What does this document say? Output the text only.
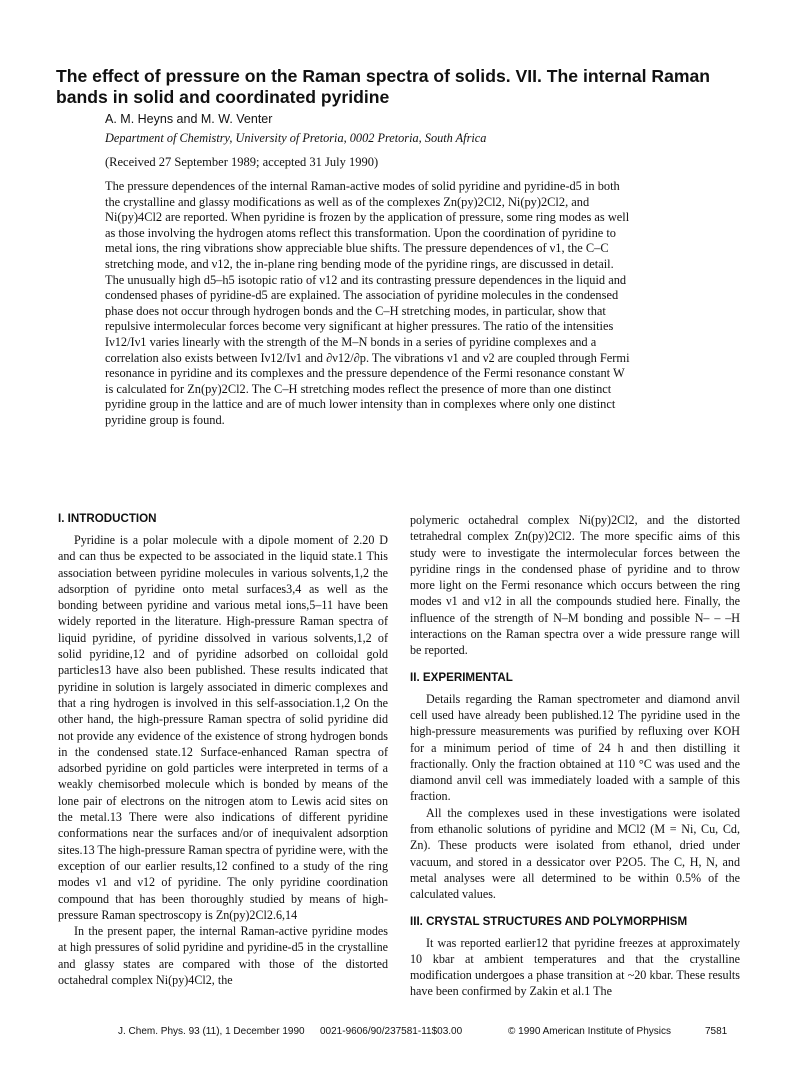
The effect of pressure on the Raman spectra of solids. VII. The internal Raman bands in solid and coordinated pyridine
A. M. Heyns and M. W. Venter
Department of Chemistry, University of Pretoria, 0002 Pretoria, South Africa
(Received 27 September 1989; accepted 31 July 1990)
The pressure dependences of the internal Raman-active modes of solid pyridine and pyridine-d5 in both the crystalline and glassy modifications as well as of the complexes Zn(py)2Cl2, Ni(py)2Cl2, and Ni(py)4Cl2 are reported. When pyridine is frozen by the application of pressure, some ring modes as well as those involving the hydrogen atoms reflect this transformation. Upon the coordination of pyridine to metal ions, the ring vibrations show appreciable blue shifts. The pressure dependences of ν1, the C–C stretching mode, and ν12, the in-plane ring bending mode of the pyridine rings, are discussed in detail. The unusually high d5–h5 isotopic ratio of ν12 and its contrasting pressure dependences in the liquid and condensed phases of pyridine-d5 are explained. The association of pyridine molecules in the condensed phase does not occur through hydrogen bonds and the C–H stretching modes, in particular, show that repulsive intermolecular forces become very significant at higher pressures. The ratio of the intensities Iν12/Iν1 varies linearly with the strength of the M–N bonds in a series of pyridine complexes and a correlation also exists between Iν12/Iν1 and ∂ν12/∂p. The vibrations ν1 and ν2 are coupled through Fermi resonance in pyridine and its complexes and the pressure dependence of the Fermi resonance constant W is calculated for Zn(py)2Cl2. The C–H stretching modes reflect the presence of more than one distinct pyridine group in the lattice and are of much lower intensity than in complexes where only one distinct pyridine group is found.
I. INTRODUCTION

Pyridine is a polar molecule with a dipole moment of 2.20 D and can thus be expected to be associated in the liquid state.1 This association between pyridine molecules in various solvents,1,2 the adsorption of pyridine onto metal surfaces3,4 as well as the bonding between pyridine and various metal ions,5–11 have been widely reported in the literature. High-pressure Raman spectra of liquid pyridine, of pyridine dissolved in various solvents,1,2 of solid pyridine,12 and of pyridine adsorbed on colloidal gold particles13 have also been published. These results indicated that pyridine in solution is largely associated in dimeric complexes and that a ring hydrogen is involved in this self-association.1,2 On the other hand, the high-pressure Raman spectra of solid pyridine did not provide any evidence of the existence of strong hydrogen bonds in the condensed state.12 Surface-enhanced Raman spectra of adsorbed pyridine on gold particles were interpreted in terms of a weakly chemisorbed molecule which is bonded by means of the lone pair of electrons on the nitrogen atom to Lewis acid sites on the metal.13 There were also indications of different pyridine conformations near the surfaces and/or of inequivalent adsorption sites.13 The high-pressure Raman spectra of pyridine were, with the exception of our earlier results,12 confined to a study of the ring modes ν1 and ν12 of pyridine. The only pyridine coordination compound that has been thoroughly studied by means of high-pressure Raman spectroscopy is Zn(py)2Cl2.6,14

In the present paper, the internal Raman-active pyridine modes at high pressures of solid pyridine and pyridine-d5 in the crystalline and glassy states are compared with those of the distorted octahedral complex Ni(py)4Cl2, the

polymeric octahedral complex Ni(py)2Cl2, and the distorted tetrahedral complex Zn(py)2Cl2. The more specific aims of this study were to investigate the intermolecular forces between the pyridine rings in the condensed phase of pyridine and to throw more light on the Fermi resonance which occurs between the ring modes ν1 and ν12 in all the compounds studied here. Finally, the influence of the strength of N–M bonding and possible N– – –H interactions on the Raman spectra over a wide pressure range will be reported.

II. EXPERIMENTAL

Details regarding the Raman spectrometer and diamond anvil cell used have already been published.12 The pyridine used in the high-pressure measurements was purified by refluxing over KOH for a minimum period of time of 24 h and then distilling it fractionally. Only the fraction obtained at 110 °C was used and the diamond anvil cell was immediately loaded with a sample of this fraction.

All the complexes used in these investigations were isolated from ethanolic solutions of pyridine and MCl2 (M = Ni, Cu, Cd, Zn). These products were isolated from ethanol, dried under vacuum, and stored in a dessicator over P2O5. The C, H, N, and metal analyses were all determined to be within 0.5% of the calculated values.

III. CRYSTAL STRUCTURES AND POLYMORPHISM

It was reported earlier12 that pyridine freezes at approximately 10 kbar at ambient temperatures and that the crystalline modification undergoes a phase transition at ~20 kbar. These results have been confirmed by Zakin et al.1 The

J. Chem. Phys. 93 (11), 1 December 1990 0021-9606/90/237581-11$03.00	© 1990 American Institute of Physics	7581
